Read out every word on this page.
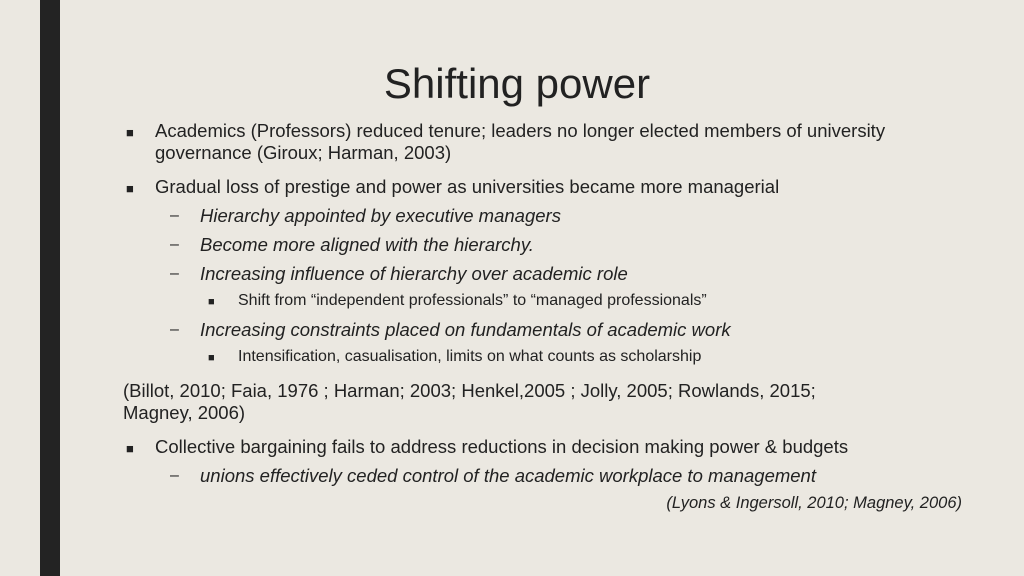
Shifting power
■ Academics (Professors) reduced tenure; leaders no longer elected members of university
governance (Giroux; Harman, 2003)
■ Gradual loss of prestige and power as universities became more managerial
– Hierarchy appointed by executive managers
– Become more aligned with the hierarchy.
– Increasing influence of hierarchy over academic role
■ Shift from “independent professionals” to “managed professionals”
– Increasing constraints placed on fundamentals of academic work
■ Intensification, casualisation, limits on what counts as scholarship
(Billot, 2010; Faia, 1976 ; Harman; 2003; Henkel,2005 ; Jolly, 2005; Rowlands, 2015;
Magney, 2006)
■ Collective bargaining fails to address reductions in decision making power & budgets
– unions effectively ceded control of the academic workplace to management
(Lyons & Ingersoll, 2010; Magney, 2006)
